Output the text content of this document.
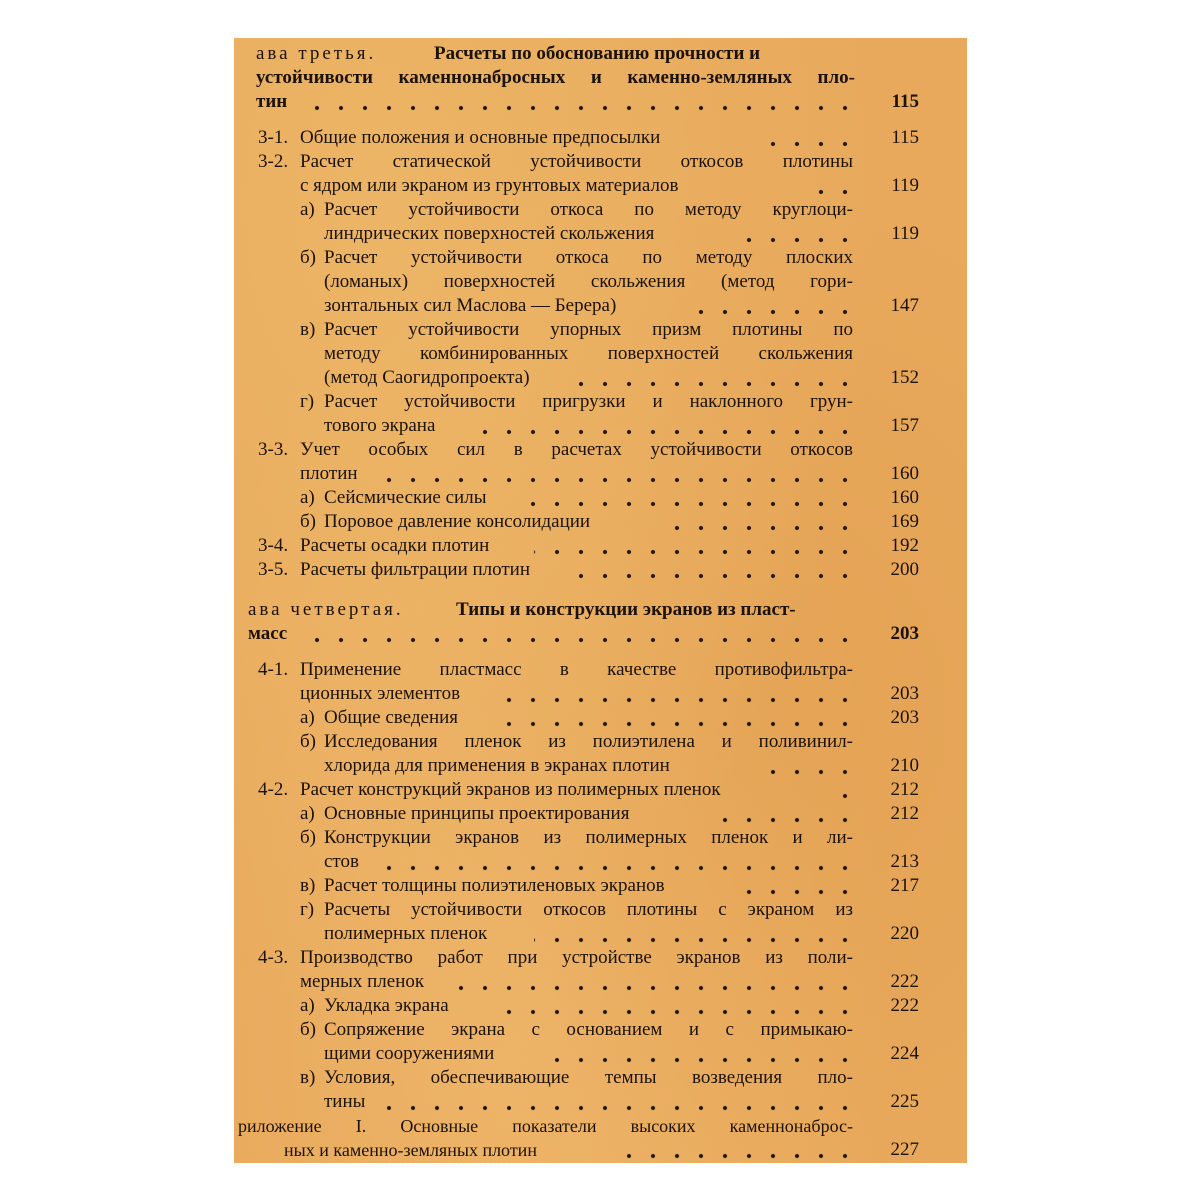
ава третья.	Расчеты по обоснованию прочности и
устойчивости каменнонабросных и каменно-земляных пло-
тин	115
3-1. Общие положения и основные предпосылки	115
3-2. Расчет статической устойчивости откосов плотины
с ядром или экраном из грунтовых материалов	119
а) Расчет устойчивости откоса по методу круглоци-
линдрических поверхностей скольжения	119
б) Расчет устойчивости откоса по методу плоских
(ломаных) поверхностей скольжения (метод гори-
зонтальных сил Маслова — Берера)	147
в) Расчет устойчивости упорных призм плотины по
методу комбинированных поверхностей скольжения
(метод Саогидропроекта)	152
г) Расчет устойчивости пригрузки и наклонного грун-
тового экрана	157
3-3. Учет особых сил в расчетах устойчивости откосов
плотин	160
а) Сейсмические силы	160
б) Поровое давление консолидации	169
3-4. Расчеты осадки плотин	192
3-5. Расчеты фильтрации плотин	200
ава четвертая.	Типы и конструкции экранов из пласт-
масс	203
4-1. Применение пластмасс в качестве противофильтра-
ционных элементов	203
а) Общие сведения	203
б) Исследования пленок из полиэтилена и поливинил-
хлорида для применения в экранах плотин	210
4-2. Расчет конструкций экранов из полимерных пленок	212
а) Основные принципы проектирования	212
б) Конструкции экранов из полимерных пленок и ли-
стов	213
в) Расчет толщины полиэтиленовых экранов	217
г) Расчеты устойчивости откосов плотины с экраном из
полимерных пленок	220
4-3. Производство работ при устройстве экранов из поли-
мерных пленок	222
а) Укладка экрана	222
б) Сопряжение экрана с основанием и с примыкаю-
щими сооружениями	224
в) Условия, обеспечивающие темпы возведения пло-
тины	225
риложение I. Основные показатели высоких каменнонаброс-
ных и каменно-земляных плотин	227
